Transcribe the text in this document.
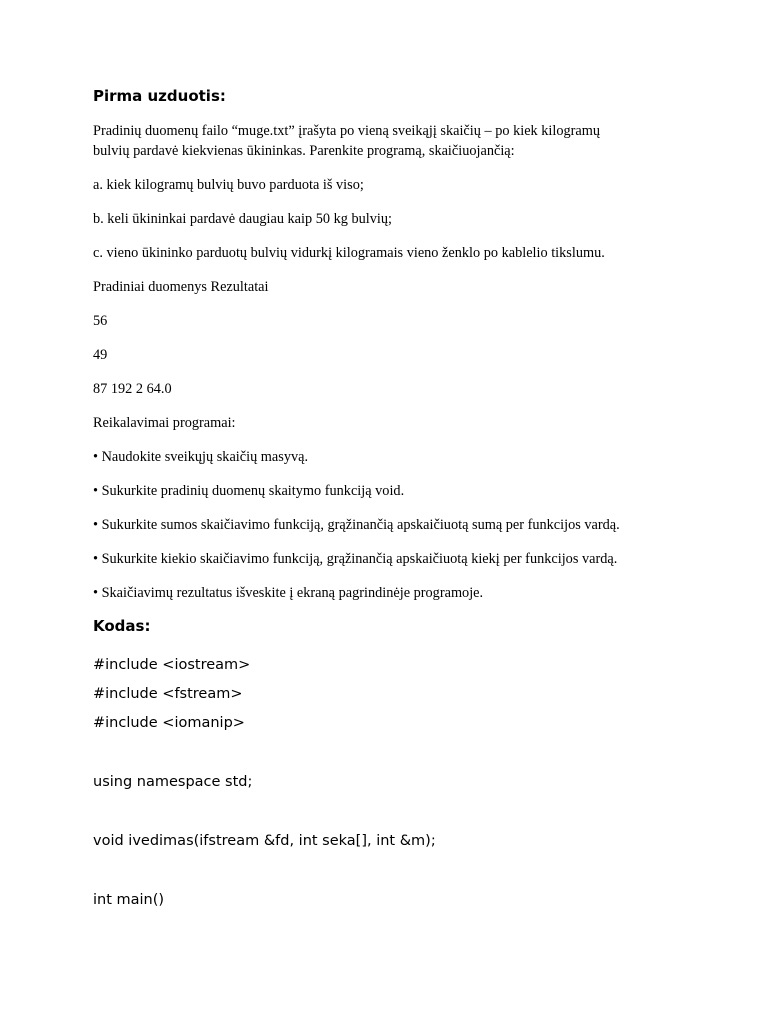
Pirma uzduotis:

Pradinių duomenų failo “muge.txt” įrašyta po vieną sveikąjį skaičių – po kiek kilogramų

bulvių pardavė kiekvienas ūkininkas. Parenkite programą, skaičiuojančią:

a. kiek kilogramų bulvių buvo parduota iš viso;

b. keli ūkininkai pardavė daugiau kaip 50 kg bulvių;

c. vieno ūkininko parduotų bulvių vidurkį kilogramais vieno ženklo po kablelio tikslumu.

Pradiniai duomenys Rezultatai

56

49

87 192 2 64.0

Reikalavimai programai:

• Naudokite sveikųjų skaičių masyvą.

• Sukurkite pradinių duomenų skaitymo funkciją void.

• Sukurkite sumos skaičiavimo funkciją, grąžinančią apskaičiuotą sumą per funkcijos vardą.

• Sukurkite kiekio skaičiavimo funkciją, grąžinančią apskaičiuotą kiekį per funkcijos vardą.

• Skaičiavimų rezultatus išveskite į ekraną pagrindinėje programoje.

Kodas:

#include <iostream>

#include <fstream>

#include <iomanip>

using namespace std;

void ivedimas(ifstream &fd, int seka[], int &m);

int main()
